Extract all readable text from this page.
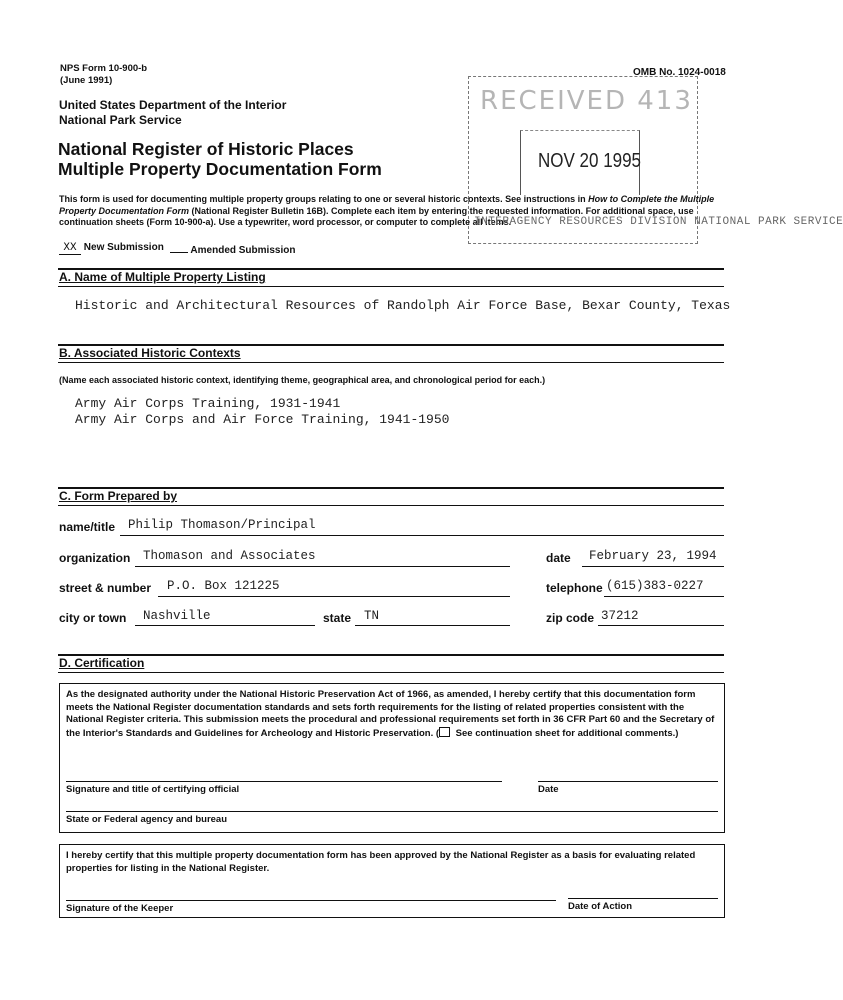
NPS Form 10-900-b
(June 1991)
OMB No. 1024-0018
United States Department of the Interior
National Park Service
National Register of Historic Places
Multiple Property Documentation Form
RECEIVED 413
NOV 20 1995
This form is used for documenting multiple property groups relating to one or several historic contexts. See instructions in How to Complete the Multiple Property Documentation Form (National Register Bulletin 16B). Complete each item by entering the requested information. For additional space, use continuation sheets (Form 10-900-a). Use a typewriter, word processor, or computer to complete all items.
INTERAGENCY RESOURCES DIVISION NATIONAL PARK SERVICE
XX New Submission	Amended Submission
A. Name of Multiple Property Listing
Historic and Architectural Resources of Randolph Air Force Base, Bexar County, Texas
B. Associated Historic Contexts
(Name each associated historic context, identifying theme, geographical area, and chronological period for each.)
Army Air Corps Training, 1931-1941
Army Air Corps and Air Force Training, 1941-1950
C. Form Prepared by
name/title Philip Thomason/Principal
organization Thomason and Associates	date February 23, 1994
street & number P.O. Box 121225	telephone (615)383-0227
city or town Nashville	state TN	zip code 37212
D. Certification
As the designated authority under the National Historic Preservation Act of 1966, as amended, I hereby certify that this documentation form meets the National Register documentation standards and sets forth requirements for the listing of related properties consistent with the National Register criteria. This submission meets the procedural and professional requirements set forth in 36 CFR Part 60 and the Secretary of the Interior's Standards and Guidelines for Archeology and Historic Preservation. ( See continuation sheet for additional comments.)
Signature and title of certifying official	Date
State or Federal agency and bureau
I hereby certify that this multiple property documentation form has been approved by the National Register as a basis for evaluating related properties for listing in the National Register.
Signature of the Keeper	Date of Action
